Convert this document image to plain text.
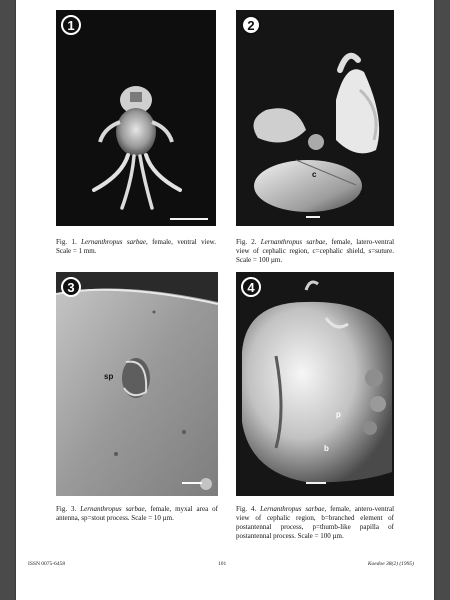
1	2
c
s

Fig. 1. Lernanthropus sarbae, female, ventral view. Scale = 1 mm.

Fig. 2. Lernanthropus sarbae, female, latero-ventral view of cephalic region, c=cephalic shield, s=suture. Scale = 100 µm.

3
sp
4
p
b

Fig. 3. Lernanthropus sarbae, female, myxal area of antenna, sp=stout process. Scale = 10 µm.

Fig. 4. Lernanthropus sarbae, female, antero-ventral view of cephalic region, b=branched element of postantennal process, p=thumb-like papilla of postantennal process. Scale = 100 µm.

ISSN 0075-6458	101	Koedoe 38(2) (1995)
